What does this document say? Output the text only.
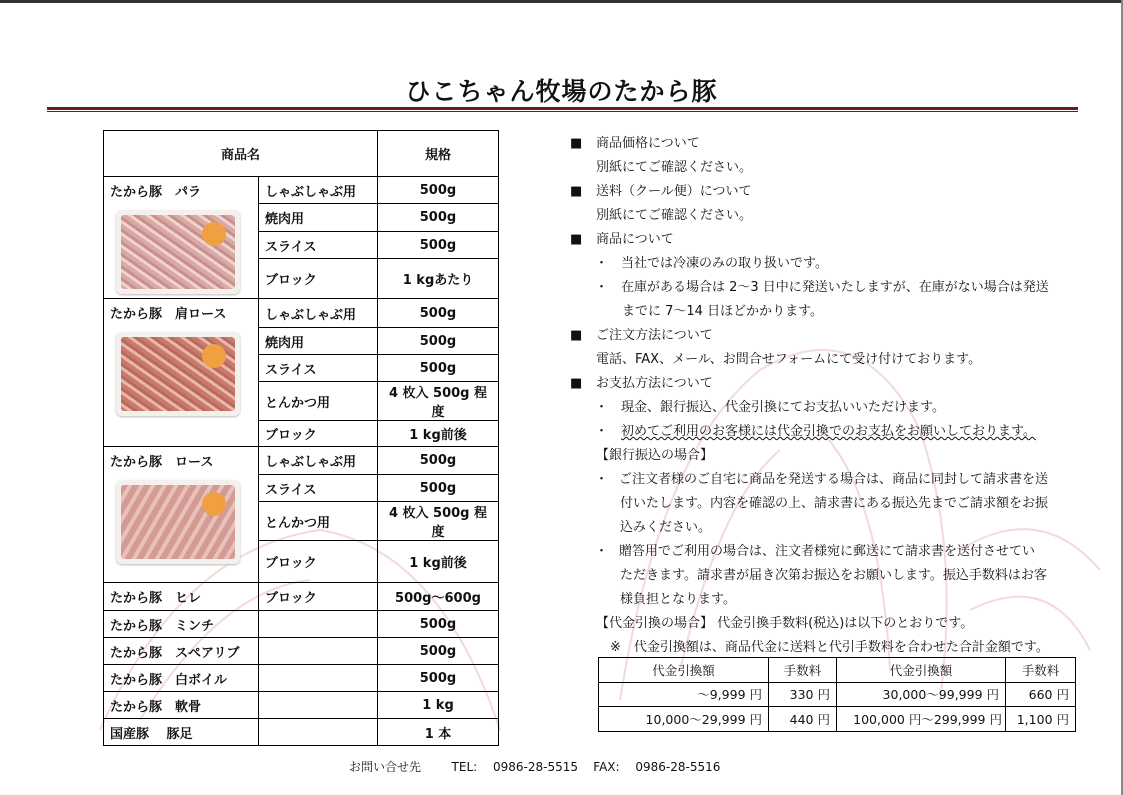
ひこちゃん牧場のたから豚
商品名		規格

たから豚　パラ	しゃぶしゃぶ用	500g
	焼肉用	500g
	スライス	500g
	ブロック	1 kgあたり

たから豚　肩ロース	しゃぶしゃぶ用	500g
	焼肉用	500g
	スライス	500g
	とんかつ用	4 枚入 500g 程度
	ブロック	1 kg前後

たから豚　ロース	しゃぶしゃぶ用	500g
	スライス	500g
	とんかつ用	4 枚入 500g 程度
	ブロック	1 kg前後
たから豚　ヒレ	ブロック	500g〜600g
たから豚　ミンチ		500g
たから豚　スペアリブ		500g
たから豚　白ボイル		500g
たから豚　軟骨		1 kg
国産豚　 豚足		1 本
■ 商品価格について
別紙にてご確認ください。
■ 送料（クール便）について
別紙にてご確認ください。
■ 商品について
・ 当社では冷凍のみの取り扱いです。
・ 在庫がある場合は 2〜3 日中に発送いたしますが、在庫がない場合は発送
までに 7〜14 日ほどかかります。
■ ご注文方法について
電話、FAX、メール、お問合せフォームにて受け付けております。
■ お支払方法について
・ 現金、銀行振込、代金引換にてお支払いいただけます。
・ 初めてご利用のお客様には代金引換でのお支払をお願いしております。
【銀行振込の場合】
・ ご注文者様のご自宅に商品を発送する場合は、商品に同封して請求書を送
付いたします。内容を確認の上、請求書にある振込先までご請求額をお振
込みください。
・ 贈答用でご利用の場合は、注文者様宛に郵送にて請求書を送付させてい
ただきます。請求書が届き次第お振込をお願いします。振込手数料はお客
様負担となります。
【代金引換の場合】 代金引換手数料(税込)は以下のとおりです。
※　代金引換額は、商品代金に送料と代引手数料を合わせた合計金額です。
代金引換額	手数料	代金引換額	手数料
〜9,999 円	330 円	30,000〜99,999 円	660 円
10,000〜29,999 円	440 円	100,000 円〜299,999 円	1,100 円
お問い合せ先	TEL:　 0986-28-5515 FAX:　 0986-28-5516
